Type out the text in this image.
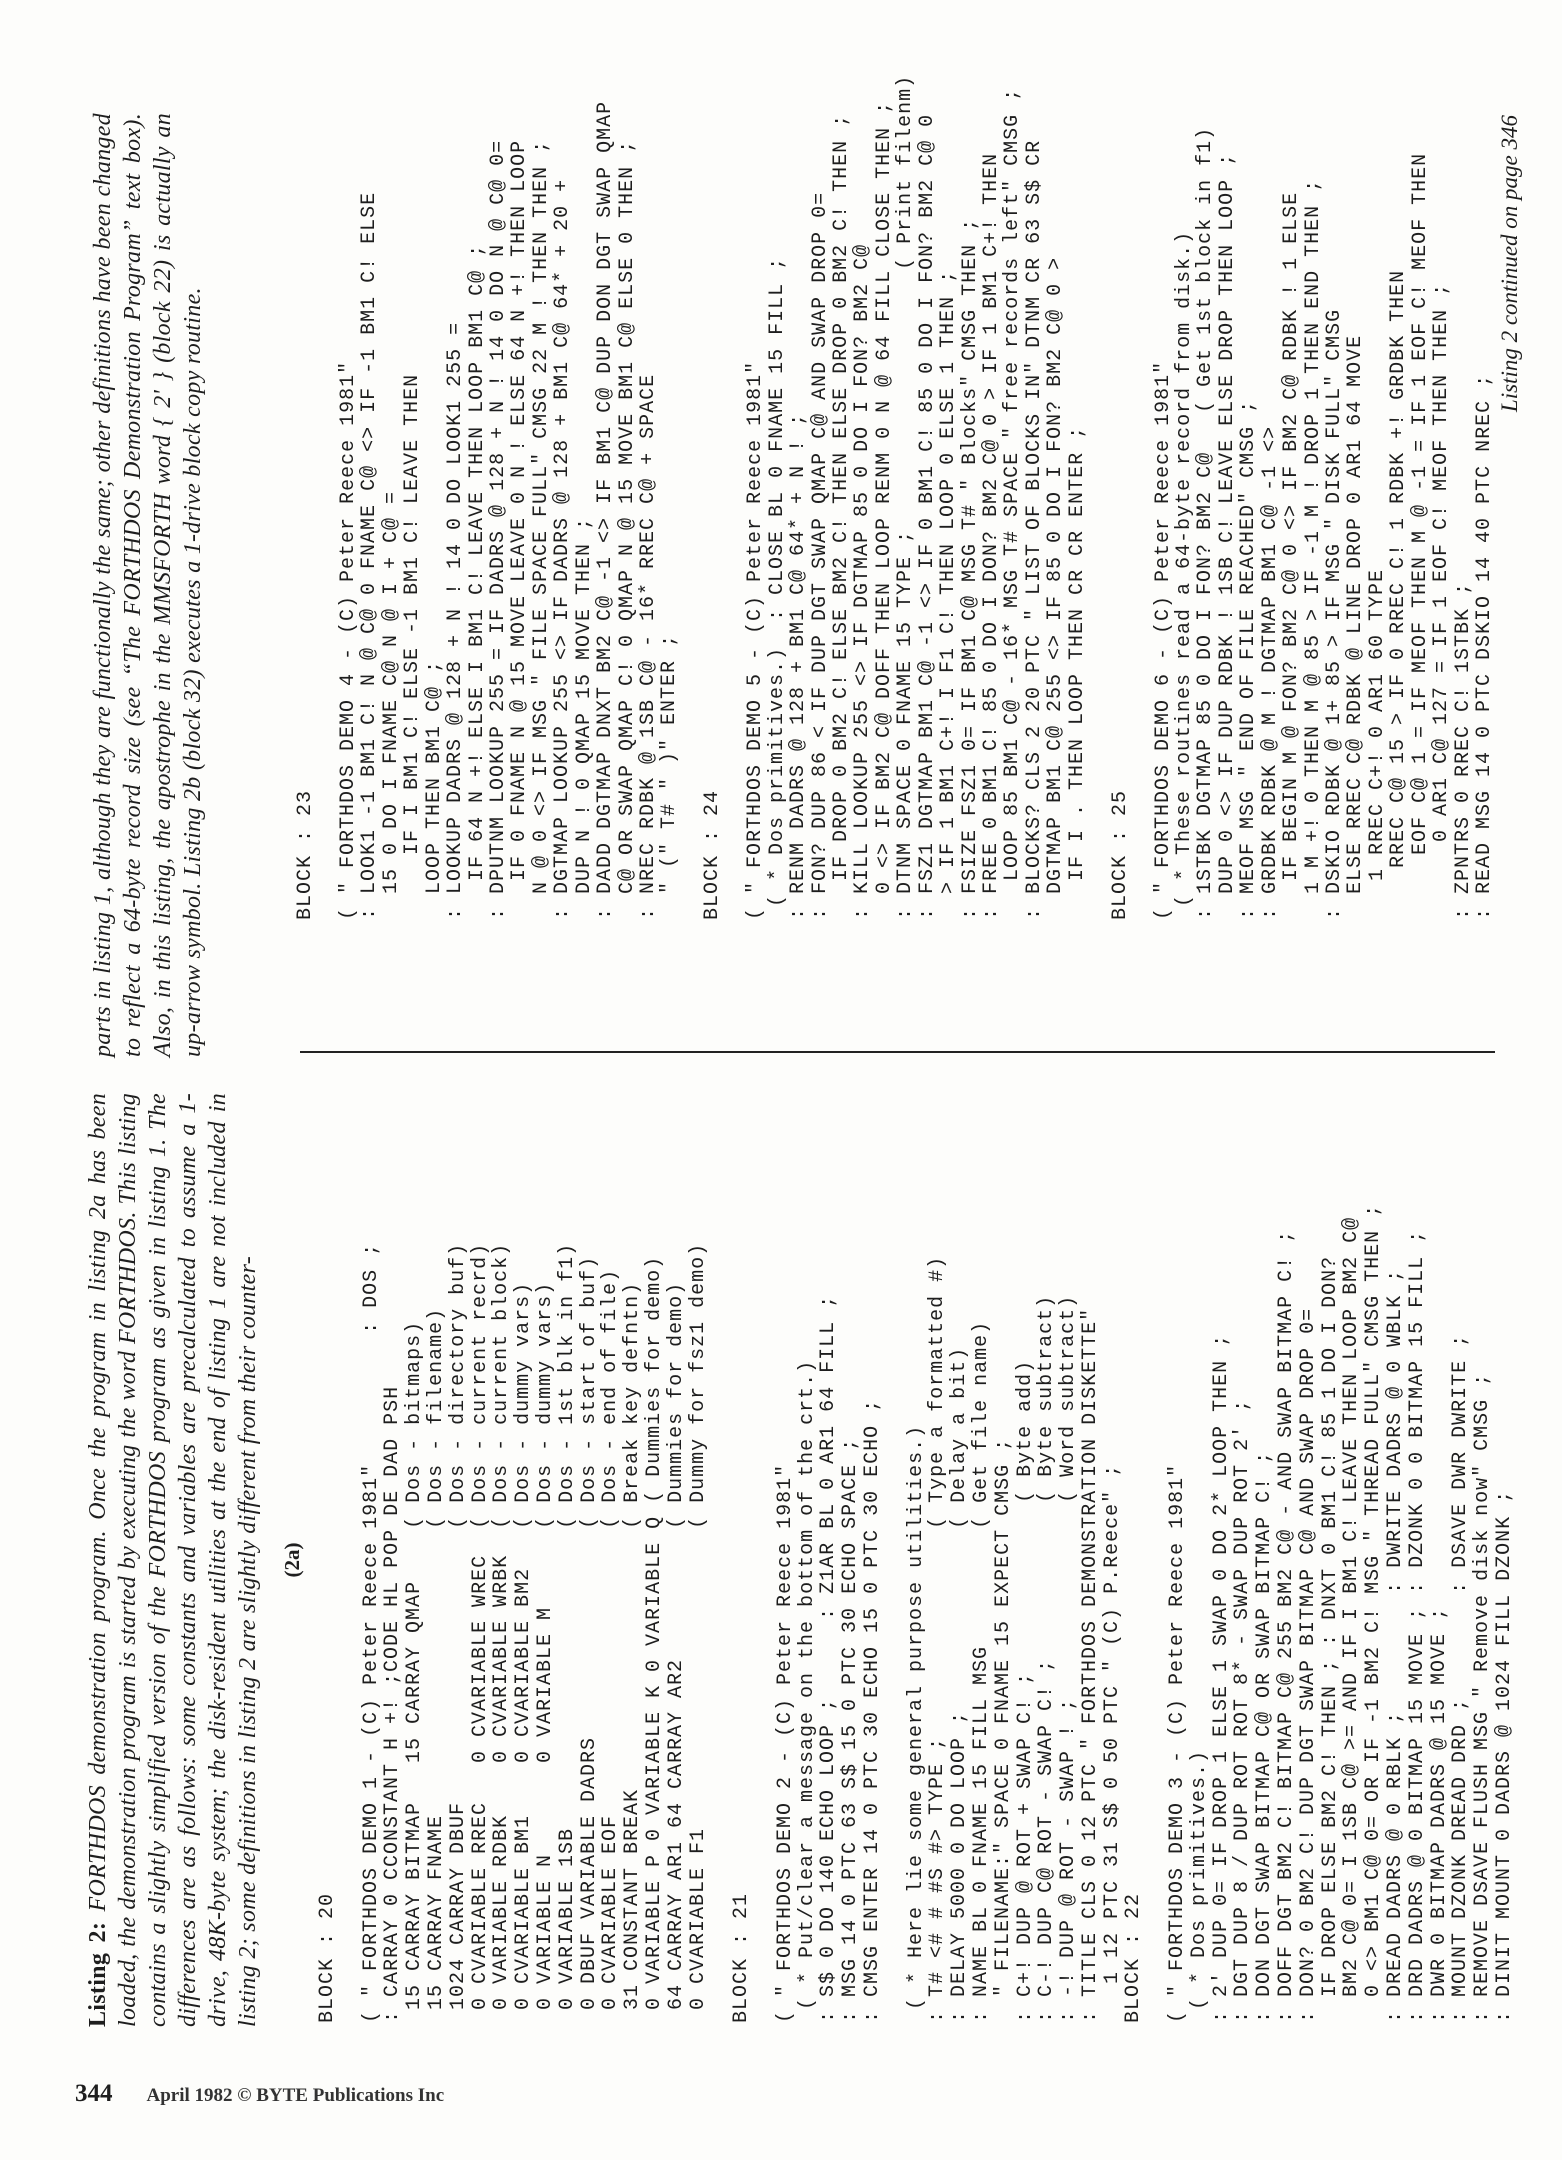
Listing 2: FORTHDOS demonstration program. Once the program in listing 2a has been loaded, the demonstration program is started by executing the word FORTHDOS. This listing contains a slightly simplified version of the FORTHDOS program as given in listing 1. The differences are as follows: some constants and variables are precalculated to assume a 1-drive, 48K-byte system; the disk-resident utilities at the end of listing 1 are not included in listing 2; some definitions in listing 2 are slightly different from their counter- (2a)
parts in listing 1, although they are functionally the same; other definitions have been changed to reflect a 64-byte record size (see “The FORTHDOS Demonstration Program” text box). Also, in this listing, the apostrophe in the MMSFORTH word { 2' } (block 22) is actually an up-arrow symbol. Listing 2b (block 32) executes a 1-drive block copy routine.
BLOCK : 20 ( " FORTHDOS DEMO 1 - (C) Peter Reece 1981"          : DOS ;
: CARRAY 0 CCONSTANT H +! ;CODE HL POP DE DAD PSH
15 CARRAY BITMAP   15 CARRAY QMAP    ( Dos - bitmaps)
15 CARRAY FNAME                      ( Dos - filename)
1024 CARRAY DBUF                     ( Dos - directory buf)
0 CVARIABLE RREC   0 CVARIABLE WREC  ( Dos - current recrd)
0 VARIABLE RDBK    0 CVARIABLE WRBK  ( Dos - current block)
0 CVARIABLE BM1    0 CVARIABLE BM2   ( Dos - dummy vars)
0 VARIABLE N       0 VARIABLE M      ( Dos - dummy vars)
0 VARIABLE 1SB                       ( Dos - 1st blk in f1)
0 DBUF VARIABLE DADRS                ( Dos - start of buf)
0 CVARIABLE EOF                      ( Dos - end of file)
31 CONSTANT BREAK                    ( Break key defntn)
0 VARIABLE P 0 VARIABLE K 0 VARIABLE Q ( Dummies for demo)
64 CARRAY AR1 64 CARRAY AR2          ( Dummies for demo)
0 CVARIABLE F1                       ( Dummy for fsz1 demo) BLOCK : 21 ( " FORTHDOS DEMO 2 - (C) Peter Reece 1981"
( * Put/clear a message on the bottom of the crt.)
: S$ 0 DO 140 ECHO LOOP ;      : Z1AR BL 0 AR1 64 FILL ;
: MSG 14 0 PTC 63 S$ 15 0 PTC 30 ECHO SPACE ;
: CMSG ENTER 14 0 PTC 30 ECHO 15 0 PTC 30 ECHO ; ( * Here lie some general purpose utilities.)
: T# <# # #S #> TYPE ;                ( Type a formatted #)
: DELAY 5000 0 DO LOOP ;              ( Delay a bit)
: NAME BL 0 FNAME 15 FILL MSG         ( Get file name)
" FILENAME:" SPACE 0 FNAME 15 EXPECT CMSG ;
: C+! DUP @ ROT + SWAP C! ;             ( Byte add)
: C-! DUP C@ ROT - SWAP C! ;            ( Byte subtract)
: -! DUP @ ROT - SWAP ! ;               ( Word subtract)
: TITLE CLS 0 12 PTC " FORTHDOS DEMONSTRATION DISKETTE"
1 12 PTC 31 S$ 0 50 PTC " (C) P.Reece" ;
BLOCK : 22 ( " FORTHDOS DEMO 3 - (C) Peter Reece 1981"
( * Dos primitives.)
: 2' DUP 0= IF DROP 1 ELSE 1 SWAP 0 DO 2* LOOP THEN ;
: DGT DUP 8 / DUP ROT ROT 8* - SWAP DUP ROT 2' ;
: DON DGT SWAP BITMAP C@ OR SWAP BITMAP C! ;
: DOFF DGT BM2 C! BITMAP C@ 255 BM2 C@ - AND SWAP BITMAP C! ;
: DON? 0 BM2 C! DUP DGT SWAP BITMAP C@ AND SWAP DROP 0=
IF DROP ELSE BM2 C! THEN ; : DNXT 0 BM1 C! 85 1 DO I DON?
BM2 C@ 0= I 1SB C@ >= AND IF I BM1 C! LEAVE THEN LOOP BM2 C@
0 <> BM1 C@ 0= OR IF -1 BM2 C! MSG " THREAD FULL" CMSG THEN ;
: DREAD DADRS @ 0 RBLK ;         : DWRITE DADRS @ 0 WBLK ;
: DRD DADRS @ 0 BITMAP 15 MOVE ; : DZONK 0 0 BITMAP 15 FILL ;
: DWR 0 BITMAP DADRS @ 15 MOVE ;
: MOUNT DZONK DREAD DRD ;        : DSAVE DWR DWRITE ;
: REMOVE DSAVE FLUSH MSG " Remove disk now" CMSG ;
: DINIT MOUNT 0 DADRS @ 1024 FILL DZONK ;
BLOCK : 23 ( " FORTHDOS DEMO 4 - (C) Peter Reece 1981"
: LOOK1 -1 BM1 C! N @ C@ 0 FNAME C@ <> IF -1 BM1 C! ELSE
15 0 DO I FNAME C@ N @ I + C@ =
IF I BM1 C! ELSE -1 BM1 C! LEAVE THEN
LOOP THEN BM1 C@ ;
: LOOKUP DADRS @ 128 + N ! 14 0 DO LOOK1 255 =
IF 64 N +! ELSE I BM1 C! LEAVE THEN LOOP BM1 C@ ;
: DPUTNM LOOKUP 255 = IF DADRS @ 128 + N ! 14 0 DO N @ C@ 0=
IF 0 FNAME N @ 15 MOVE LEAVE 0 N ! ELSE 64 N +! THEN LOOP
N @ 0 <> IF MSG " FILE SPACE FULL" CMSG 22 M ! THEN THEN ;
: DGTMAP LOOKUP 255 <> IF DADRS @ 128 + BM1 C@ 64* + 20 +
DUP N ! 0 QMAP 15 MOVE THEN ;
: DADD DGTMAP DNXT BM2 C@ -1 <> IF BM1 C@ DUP DON DGT SWAP QMAP
C@ OR SWAP QMAP C! 0 QMAP N @ 15 MOVE BM1 C@ ELSE 0 THEN ;
: NREC RDBK @ 1SB C@ - 16* RREC C@ + SPACE
" (" T# " )" ENTER ; BLOCK : 24 ( " FORTHDOS DEMO 5 - (C) Peter Reece 1981"
( * Dos primitives.)  : CLOSE BL 0 FNAME 15 FILL ;
: RENM DADRS @ 128 + BM1 C@ 64* + N ! ;
: FON? DUP 86 < IF DUP DGT SWAP QMAP C@ AND SWAP DROP 0=
IF DROP 0 BM2 C! ELSE BM2 C! THEN ELSE DROP 0 BM2 C! THEN ;
: KILL LOOKUP 255 <> IF DGTMAP 85 0 DO I FON? BM2 C@
0 <> IF BM2 C@ DOFF THEN LOOP RENM 0 N @ 64 FILL CLOSE THEN ;
: DTNM SPACE 0 FNAME 15 TYPE ;                    ( Print filenm)
: FSZ1 DGTMAP BM1 C@ -1 <> IF 0 BM1 C! 85 0 DO I FON? BM2 C@ 0
> IF 1 BM1 C+! I F1 C! THEN LOOP 0 ELSE 1 THEN ;
: FSIZE FSZ1 0= IF BM1 C@ MSG T# " Blocks" CMSG THEN ;
: FREE 0 BM1 C! 85 0 DO I DON? BM2 C@ 0 > IF 1 BM1 C+! THEN
LOOP 85 BM1 C@ - 16* MSG T# SPACE " free records left" CMSG ;
: BLOCKS? CLS 2 20 PTC " LIST OF BLOCKS IN" DTNM CR 63 S$ CR
DGTMAP BM1 C@ 255 <> IF 85 0 DO I FON? BM2 C@ 0 >
IF I . THEN LOOP THEN CR CR ENTER ; BLOCK : 25 ( " FORTHDOS DEMO 6 - (C) Peter Reece 1981"
( * These routines read a 64-byte record from disk.)
: 1STBK DGTMAP 85 0 DO I FON? BM2 C@   ( Get 1st block in f1)
DUP 0 <> IF DUP RDBK ! 1SB C! LEAVE ELSE DROP THEN LOOP ;
: MEOF MSG " END OF FILE REACHED" CMSG ;
: GRDBK RDBK @ M ! DGTMAP BM1 C@ -1 <>
IF BEGIN M @ FON? BM2 C@ 0 <> IF BM2 C@ RDBK ! 1 ELSE
1 M +! 0 THEN M @ 85 > IF -1 M ! DROP 1 THEN END THEN ;
: DSKIO RDBK @ 1+ 85 > IF MSG " DISK FULL" CMSG
ELSE RREC C@ RDBK @ LINE DROP 0 AR1 64 MOVE
1 RREC C+! 0 AR1 60 TYPE
RREC C@ 15 > IF 0 RREC C! 1 RDBK +! GRDBK THEN
EOF C@ 1 = IF MEOF THEN M @ -1 = IF 1 EOF C! MEOF THEN
0 AR1 C@ 127 = IF 1 EOF C! MEOF THEN THEN ;
: ZPNTRS 0 RREC C! 1STBK ;
: READ MSG 14 0 PTC DSKIO 14 40 PTC NREC ;
Listing 2 continued on page 346
344 April 1982 © BYTE Publications Inc
